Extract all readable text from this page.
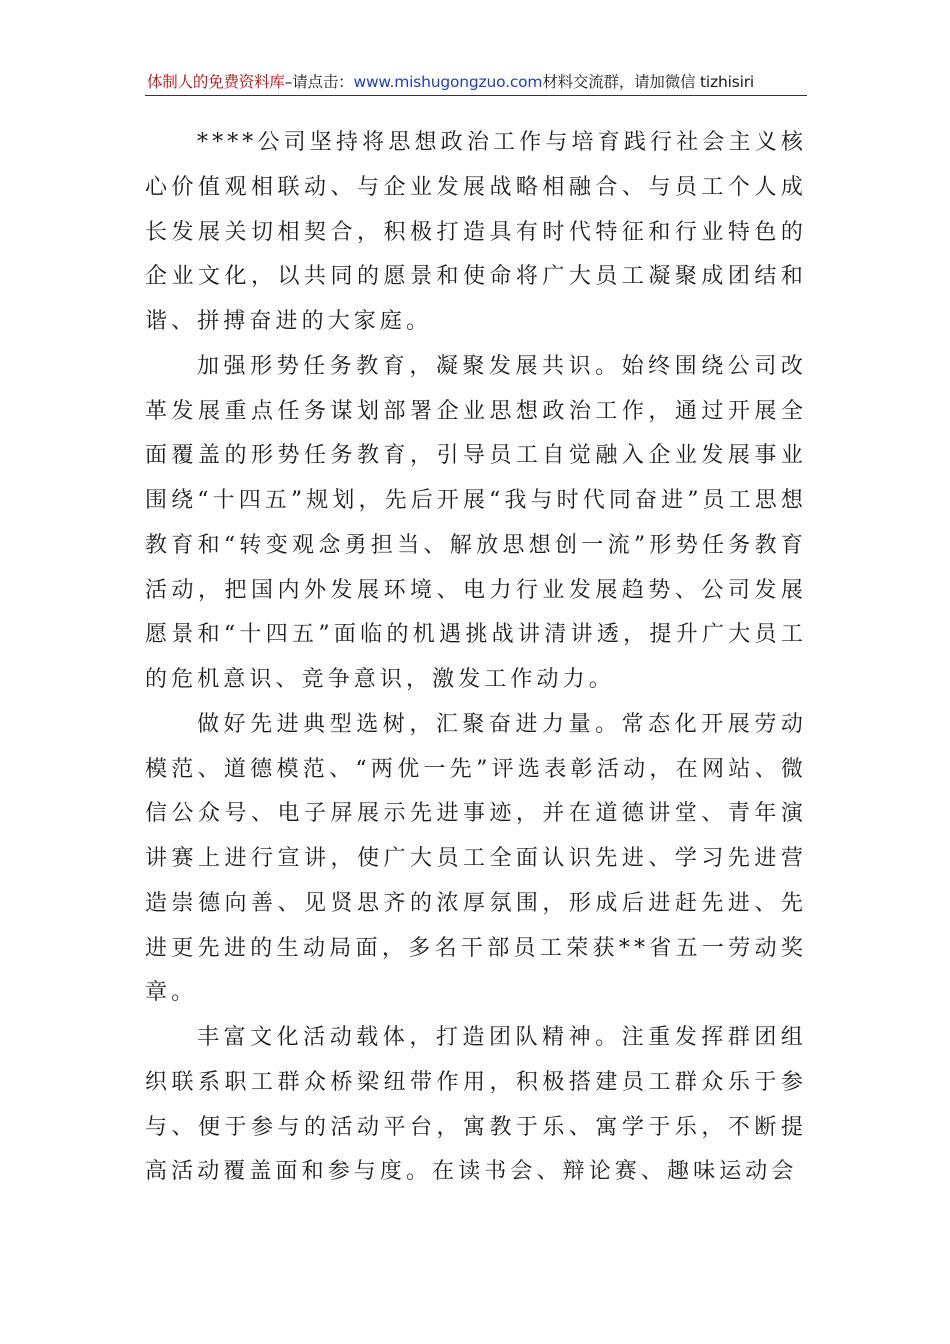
体制人的免费资料库–请点击：www.mishugongzuo.com材料交流群，请加微信 tizhisiri

****公司坚持将思想政治工作与培育践行社会主义核心价值观相联动、与企业发展战略相融合、与员工个人成长发展关切相契合，积极打造具有时代特征和行业特色的企业文化，以共同的愿景和使命将广大员工凝聚成团结和谐、拼搏奋进的大家庭。

加强形势任务教育，凝聚发展共识。始终围绕公司改革发展重点任务谋划部署企业思想政治工作，通过开展全面覆盖的形势任务教育，引导员工自觉融入企业发展事业围绕“十四五”规划，先后开展“我与时代同奋进”员工思想教育和“转变观念勇担当、解放思想创一流”形势任务教育活动，把国内外发展环境、电力行业发展趋势、公司发展愿景和“十四五”面临的机遇挑战讲清讲透，提升广大员工的危机意识、竞争意识，激发工作动力。

做好先进典型选树，汇聚奋进力量。常态化开展劳动模范、道德模范、“两优一先”评选表彰活动，在网站、微信公众号、电子屏展示先进事迹，并在道德讲堂、青年演讲赛上进行宣讲，使广大员工全面认识先进、学习先进营造崇德向善、见贤思齐的浓厚氛围，形成后进赶先进、先进更先进的生动局面，多名干部员工荣获**省五一劳动奖章。

丰富文化活动载体，打造团队精神。注重发挥群团组织联系职工群众桥梁纽带作用，积极搭建员工群众乐于参与、便于参与的活动平台，寓教于乐、寓学于乐，不断提高活动覆盖面和参与度。在读书会、辩论赛、趣味运动会
